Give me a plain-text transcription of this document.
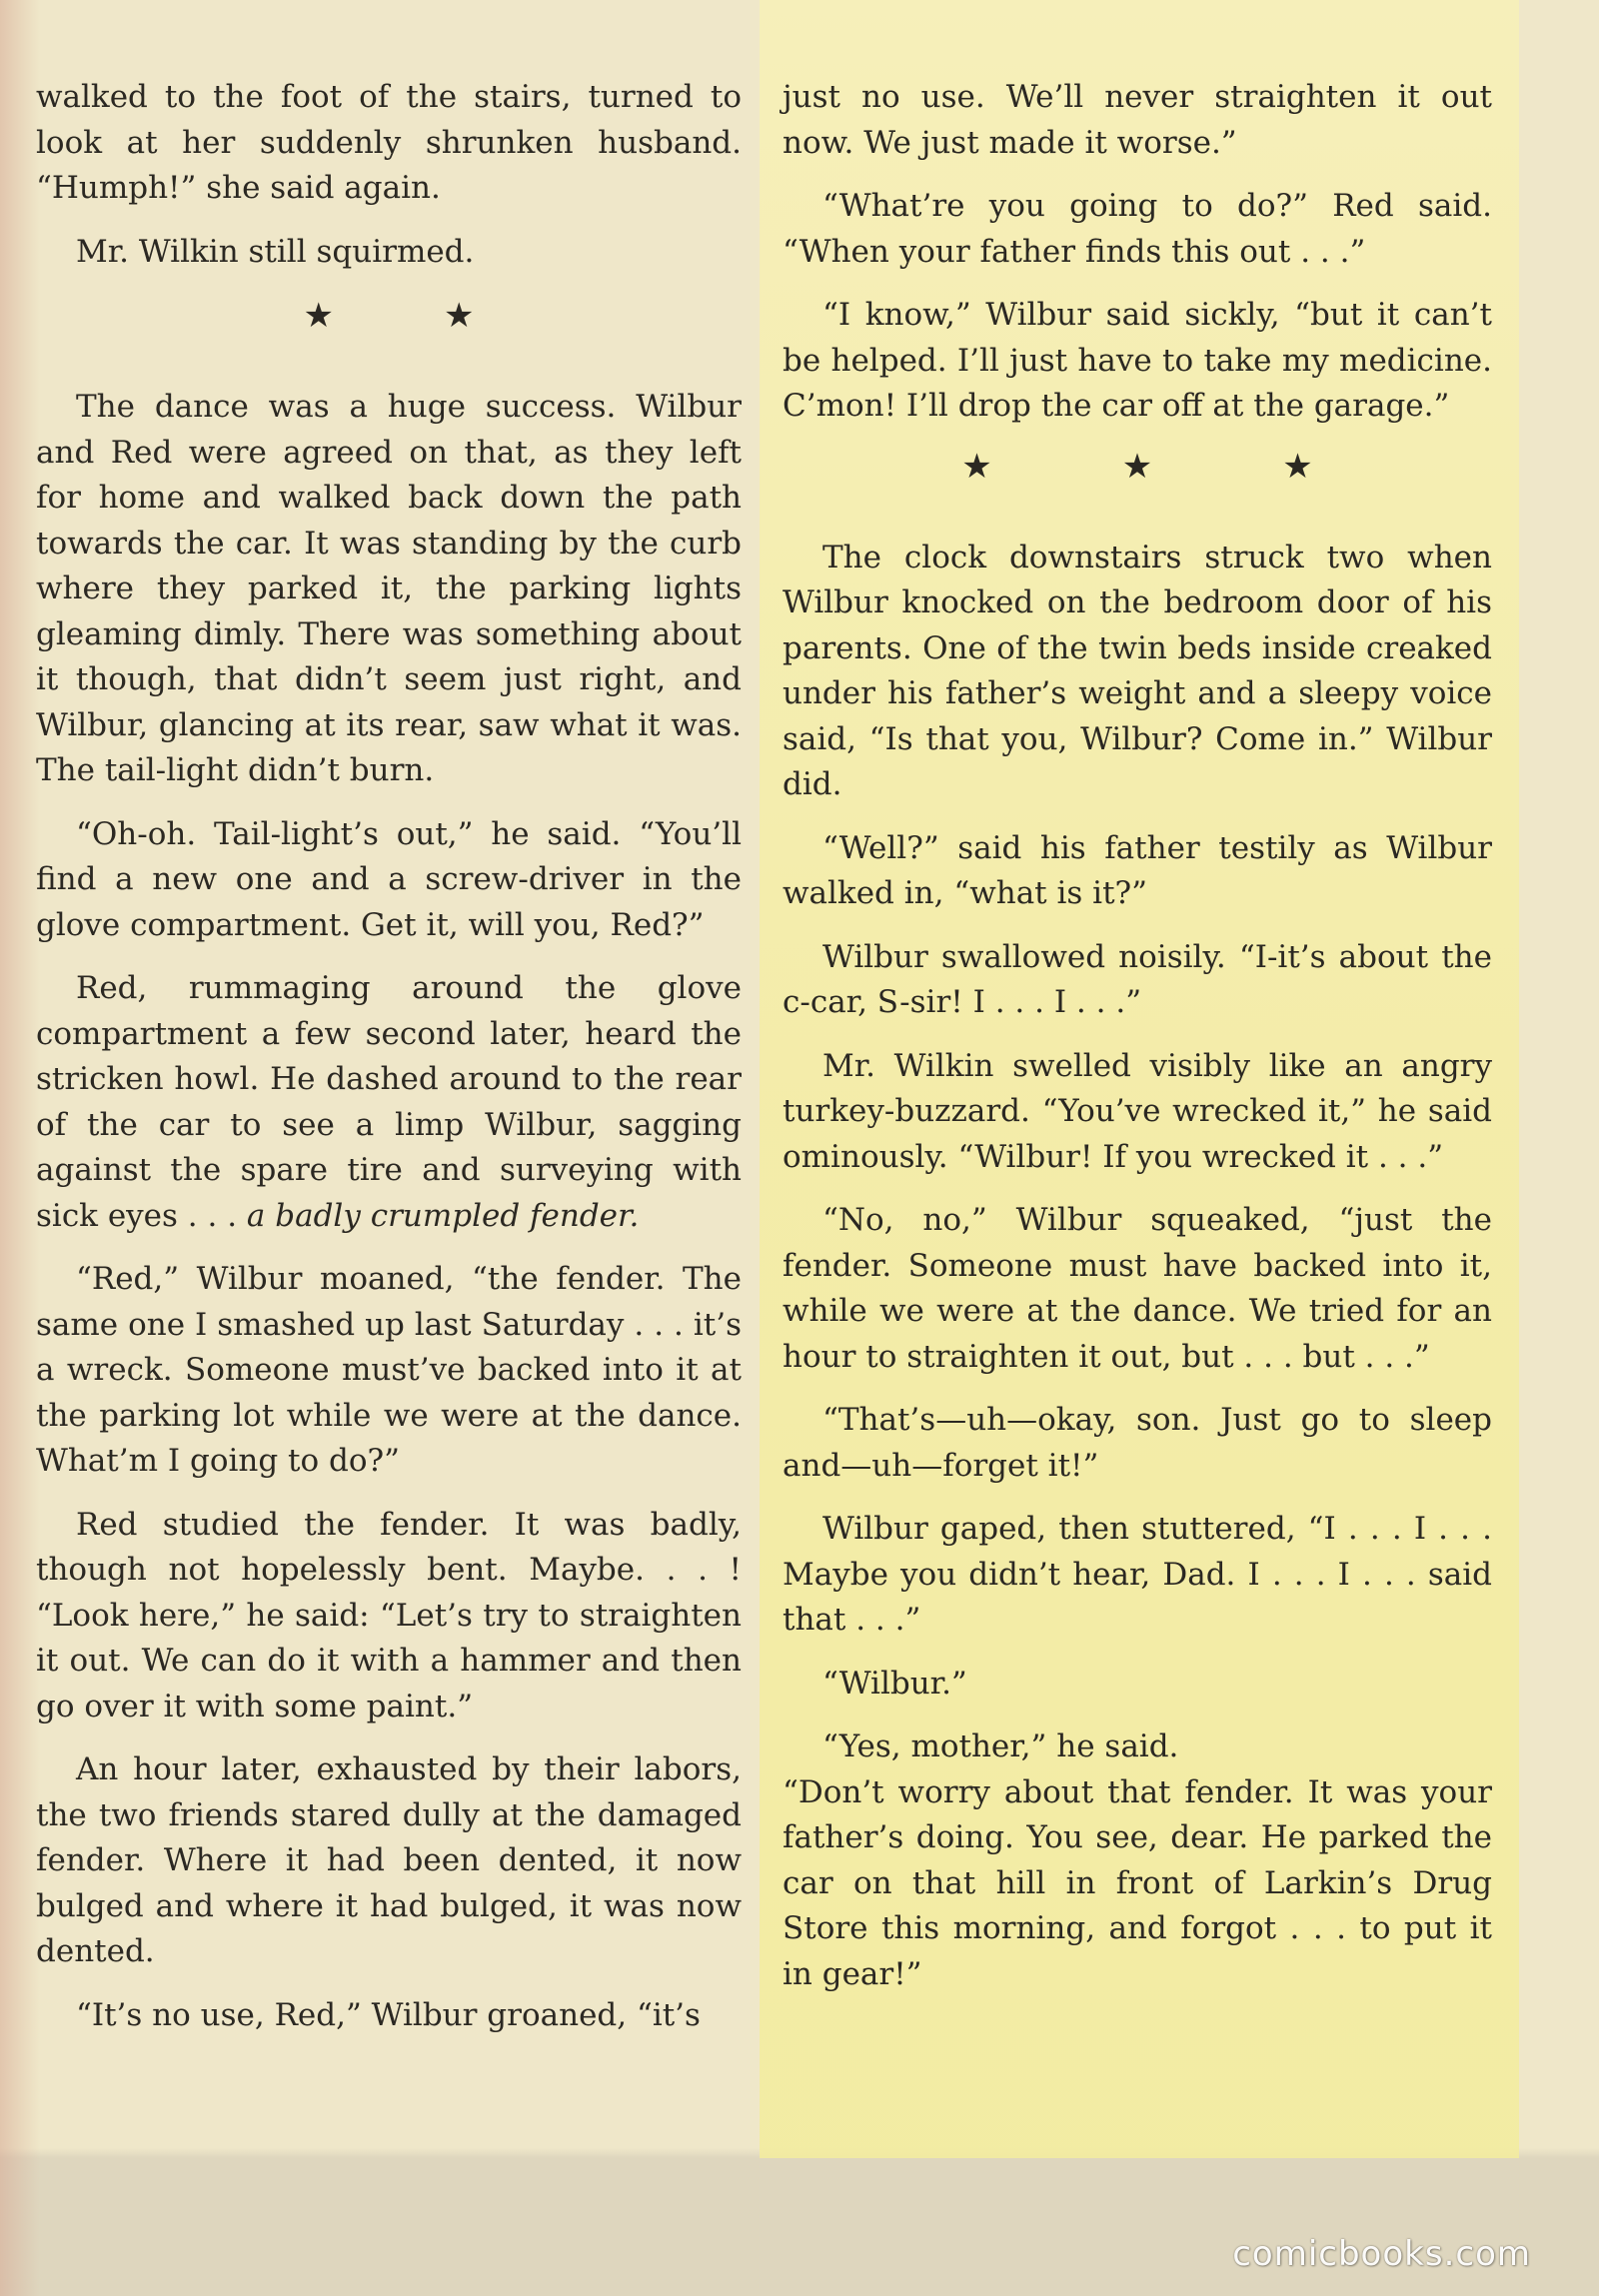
walked to the foot of the stairs, turned to look at her suddenly shrunken husband. “Humph!” she said again.

Mr. Wilkin still squirmed.

★	★

The dance was a huge success. Wilbur and Red were agreed on that, as they left for home and walked back down the path towards the car. It was standing by the curb where they parked it, the parking lights gleaming dimly. There was something about it though, that didn’t seem just right, and Wilbur, glancing at its rear, saw what it was. The tail-light didn’t burn.

“Oh-oh. Tail-light’s out,” he said. “You’ll find a new one and a screw-driver in the glove compartment. Get it, will you, Red?”

Red, rummaging around the glove compartment a few second later, heard the stricken howl. He dashed around to the rear of the car to see a limp Wilbur, sagging against the spare tire and surveying with sick eyes . . . a badly crumpled fender.

“Red,” Wilbur moaned, “the fender. The same one I smashed up last Saturday . . . it’s a wreck. Someone must’ve backed into it at the parking lot while we were at the dance. What’m I going to do?”

Red studied the fender. It was badly, though not hopelessly bent. Maybe. . . ! “Look here,” he said: “Let’s try to straighten it out. We can do it with a hammer and then go over it with some paint.”

An hour later, exhausted by their labors, the two friends stared dully at the damaged fender. Where it had been dented, it now bulged and where it had bulged, it was now dented.

“It’s no use, Red,” Wilbur groaned, “it’s

just no use. We’ll never straighten it out now. We just made it worse.”

“What’re you going to do?” Red said. “When your father finds this out . . .”

“I know,” Wilbur said sickly, “but it can’t be helped. I’ll just have to take my medicine. C’mon! I’ll drop the car off at the garage.”

★	★	★

The clock downstairs struck two when Wilbur knocked on the bedroom door of his parents. One of the twin beds inside creaked under his father’s weight and a sleepy voice said, “Is that you, Wilbur? Come in.” Wilbur did.

“Well?” said his father testily as Wilbur walked in, “what is it?”

Wilbur swallowed noisily. “I-it’s about the c-car, S-sir! I . . . I . . .”

Mr. Wilkin swelled visibly like an angry turkey-buzzard. “You’ve wrecked it,” he said ominously. “Wilbur! If you wrecked it . . .”

“No, no,” Wilbur squeaked, “just the fender. Someone must have backed into it, while we were at the dance. We tried for an hour to straighten it out, but . . . but . . .”

“That’s—uh—okay, son. Just go to sleep and—uh—forget it!”

Wilbur gaped, then stuttered, “I . . . I . . . Maybe you didn’t hear, Dad. I . . . I . . . said that . . .”

“Wilbur.”

“Yes, mother,” he said.

“Don’t worry about that fender. It was your father’s doing. You see, dear. He parked the car on that hill in front of Larkin’s Drug Store this morning, and forgot . . . to put it in gear!”

comicbooks.com
